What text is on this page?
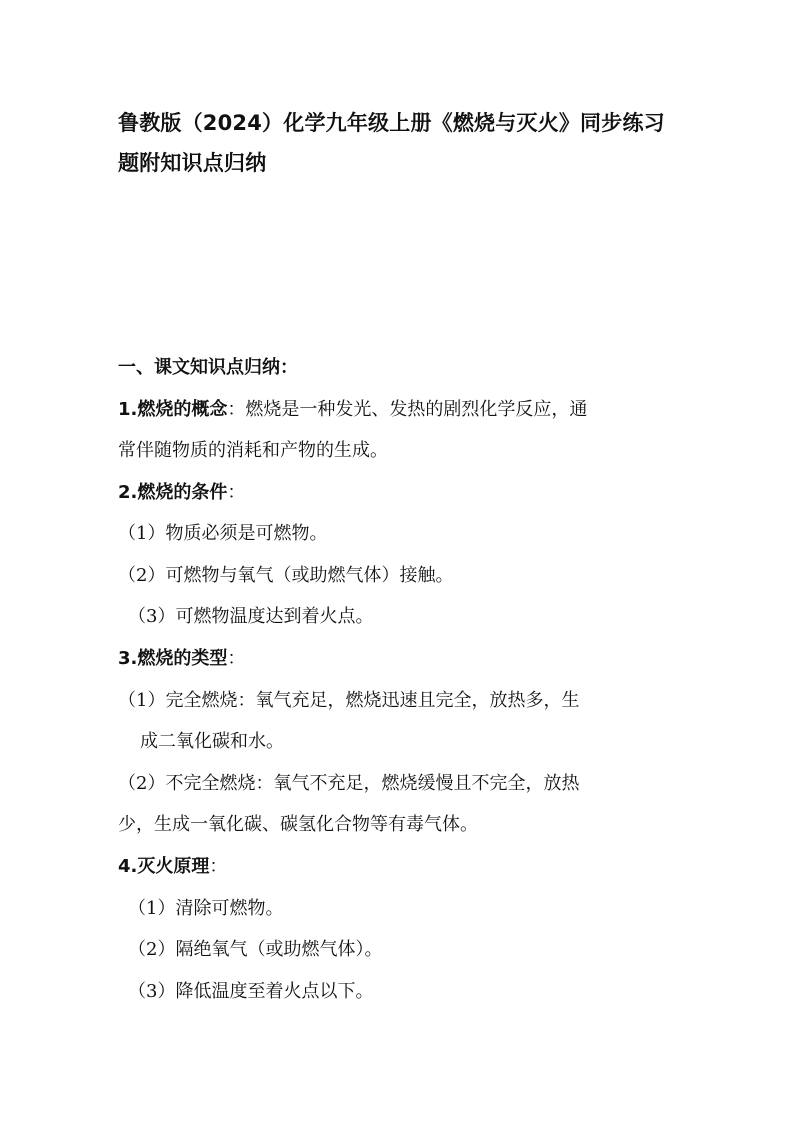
鲁教版（2024）化学九年级上册《燃烧与灭火》同步练习
题附知识点归纳
一、课文知识点归纳：

1.燃烧的概念：燃烧是一种发光、发热的剧烈化学反应，通

常伴随物质的消耗和产物的生成。

2.燃烧的条件：

（1）物质必须是可燃物。

（2）可燃物与氧气（或助燃气体）接触。

（3）可燃物温度达到着火点。

3.燃烧的类型：

（1）完全燃烧：氧气充足，燃烧迅速且完全，放热多，生

成二氧化碳和水。

（2）不完全燃烧：氧气不充足，燃烧缓慢且不完全，放热

少，生成一氧化碳、碳氢化合物等有毒气体。

4.灭火原理：

（1）清除可燃物。

（2）隔绝氧气（或助燃气体）。

（3）降低温度至着火点以下。
